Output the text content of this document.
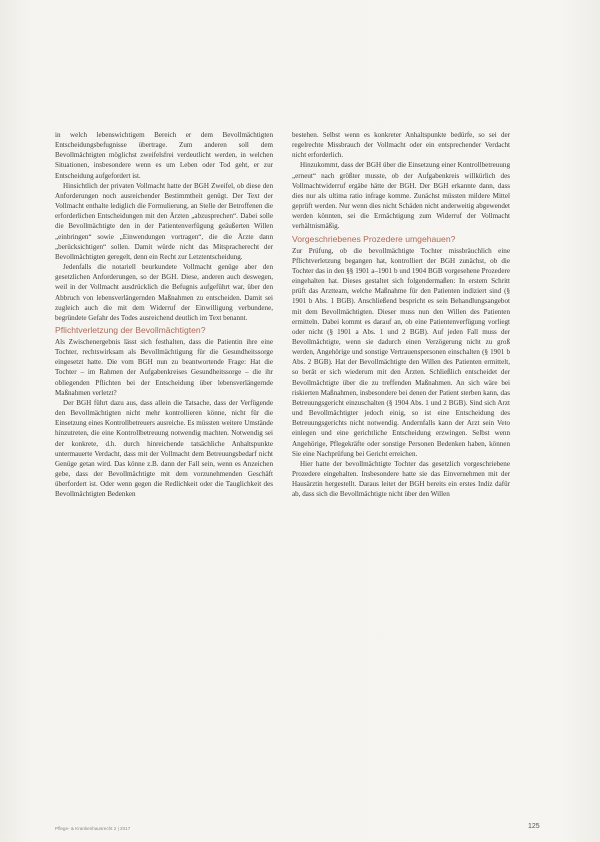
in welch lebenswichtigem Bereich er dem Bevollmächtigten Entscheidungsbefugnisse übertrage. Zum anderen soll dem Bevollmächtigten möglichst zweifelsfrei verdeutlicht werden, in welchen Situationen, insbesondere wenn es um Leben oder Tod geht, er zur Entscheidung aufgefordert ist.

Hinsichtlich der privaten Vollmacht hatte der BGH Zweifel, ob diese den Anforderungen noch ausreichender Bestimmtheit genügt. Der Text der Vollmacht enthalte lediglich die Formulierung, an Stelle der Betroffenen die erforderlichen Entscheidungen mit den Ärzten „abzusprechen“. Dabei solle die Bevollmächtigte den in der Patientenverfügung geäußerten Willen „einbringen“ sowie „Einwendungen vortragen“, die die Ärzte dann „berücksichtigen“ sollen. Damit würde nicht das Mitspracherecht der Bevollmächtigten geregelt, denn ein Recht zur Letztentscheidung.

Jedenfalls die notariell beurkundete Vollmacht genüge aber den gesetzlichen Anforderungen, so der BGH. Diese, anderen auch deswegen, weil in der Vollmacht ausdrücklich die Befugnis aufgeführt war, über den Abbruch von lebensverlängernden Maßnahmen zu entscheiden. Damit sei zugleich auch die mit dem Widerruf der Einwilligung verbundene, begründete Gefahr des Todes ausreichend deutlich im Text benannt.

Pflichtverletzung der Bevollmächtigten?

Als Zwischenergebnis lässt sich festhalten, dass die Patientin ihre eine Tochter, rechtswirksam als Bevollmächtigung für die Gesundheitssorge eingesetzt hatte. Die vom BGH nun zu beantwortende Frage: Hat die Tochter – im Rahmen der Aufgabenkreises Gesundheitssorge – die ihr obliegenden Pflichten bei der Entscheidung über lebensverlängernde Maßnahmen verletzt?

Der BGH führt dazu aus, dass allein die Tatsache, dass der Verfügende den Bevollmächtigten nicht mehr kontrollieren könne, nicht für die Einsetzung eines Kontrollbetreuers ausreiche. Es müssten weitere Umstände hinzutreten, die eine Kontrollbetreuung notwendig machten. Notwendig sei der konkrete, d.h. durch hinreichende tatsächliche Anhaltspunkte untermauerte Verdacht, dass mit der Vollmacht dem Betreuungsbedarf nicht Genüge getan wird. Das könne z.B. dann der Fall sein, wenn es Anzeichen gebe, dass der Bevollmächtigte mit dem vorzunehmenden Geschäft überfordert ist. Oder wenn gegen die Redlichkeit oder die Tauglichkeit des Bevollmächtigten Bedenken

bestehen. Selbst wenn es konkreter Anhaltspunkte bedürfe, so sei der regelrechte Missbrauch der Vollmacht oder ein entsprechender Verdacht nicht erforderlich.

Hinzukommt, dass der BGH über die Einsetzung einer Kontrollbetreuung „erneut“ nach größter musste, ob der Aufgabenkreis willkürlich des Vollmachtwiderruf ergäbe hätte der BGH. Der BGH erkannte dann, dass dies nur als ultima ratio infrage komme. Zunächst müssten mildere Mittel geprüft werden. Nur wenn dies nicht Schäden nicht anderweitig abgewendet werden könnten, sei die Ermächtigung zum Widerruf der Vollmacht verhältnismäßig.

Vorgeschriebenes Prozedere umgehauen?

Zur Prüfung, ob die bevollmächtigte Tochter missbräuchlich eine Pflichtverletzung begangen hat, kontrolliert der BGH zunächst, ob die Tochter das in den §§ 1901 a–1901 b und 1904 BGB vorgesehene Prozedere eingehalten hat. Dieses gestaltet sich folgendermaßen: In erstem Schritt prüft das Arztteam, welche Maßnahme für den Patienten indiziert sind (§ 1901 b Abs. 1 BGB). Anschließend bespricht es sein Behandlungsangebot mit dem Bevollmächtigten. Dieser muss nun den Willen des Patienten ermitteln. Dabei kommt es darauf an, ob eine Patientenverfügung vorliegt oder nicht (§ 1901 a Abs. 1 und 2 BGB). Auf jeden Fall muss der Bevollmächtigte, wenn sie dadurch einen Verzögerung nicht zu groß werden, Angehörige und sonstige Vertrauenspersonen einschalten (§ 1901 b Abs. 2 BGB). Hat der Bevollmächtigte den Willen des Patienten ermittelt, so berät er sich wiederum mit den Ärzten. Schließlich entscheidet der Bevollmächtigte über die zu treffenden Maßnahmen. An sich wäre bei riskierten Maßnahmen, insbesondere bei denen der Patient sterben kann, das Betreuungsgericht einzuschalten (§ 1904 Abs. 1 und 2 BGB). Sind sich Arzt und Bevollmächtigter jedoch einig, so ist eine Entscheidung des Betreuungsgerichts nicht notwendig. Andernfalls kann der Arzt sein Veto einlegen und eine gerichtliche Entscheidung erzwingen. Selbst wenn Angehörige, Pflegekräfte oder sonstige Personen Bedenken haben, können Sie eine Nachprüfung bei Gericht erreichen.

Hier hatte der bevollmächtigte Tochter das gesetzlich vorgeschriebene Prozedere eingehalten. Insbesondere hatte sie das Einvernehmen mit der Hausärztin hergestellt. Daraus leitet der BGH bereits ein erstes Indiz dafür ab, dass sich die Bevollmächtigte nicht über den Willen

Pflege- & Krankenhausrecht 2 | 2017	125
